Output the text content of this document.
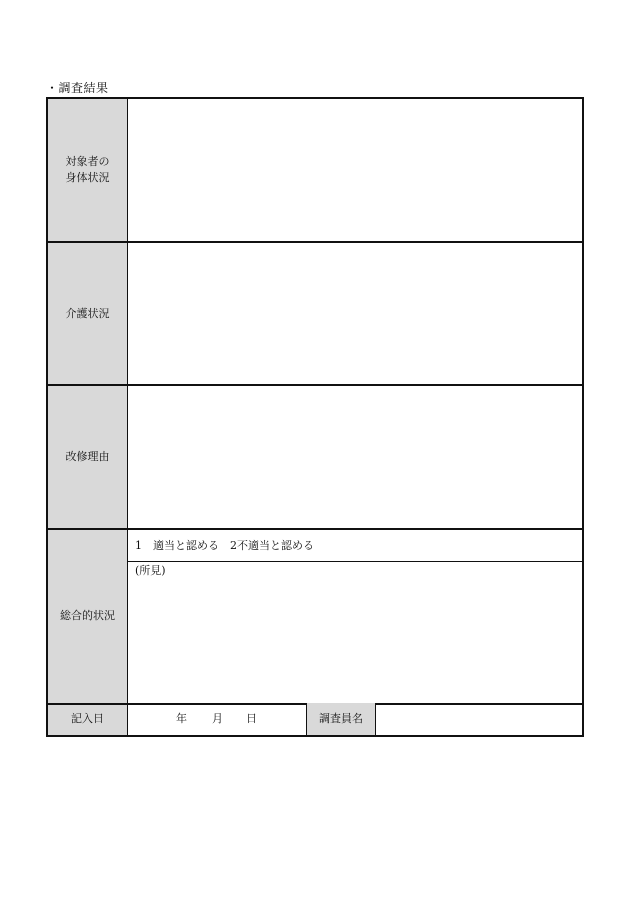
・調査結果
対象者の
身体状況
介護状況
改修理由
総合的状況
1　適当と認める　2不適当と認める
(所見)
記入日	年 月 日	調査員名
